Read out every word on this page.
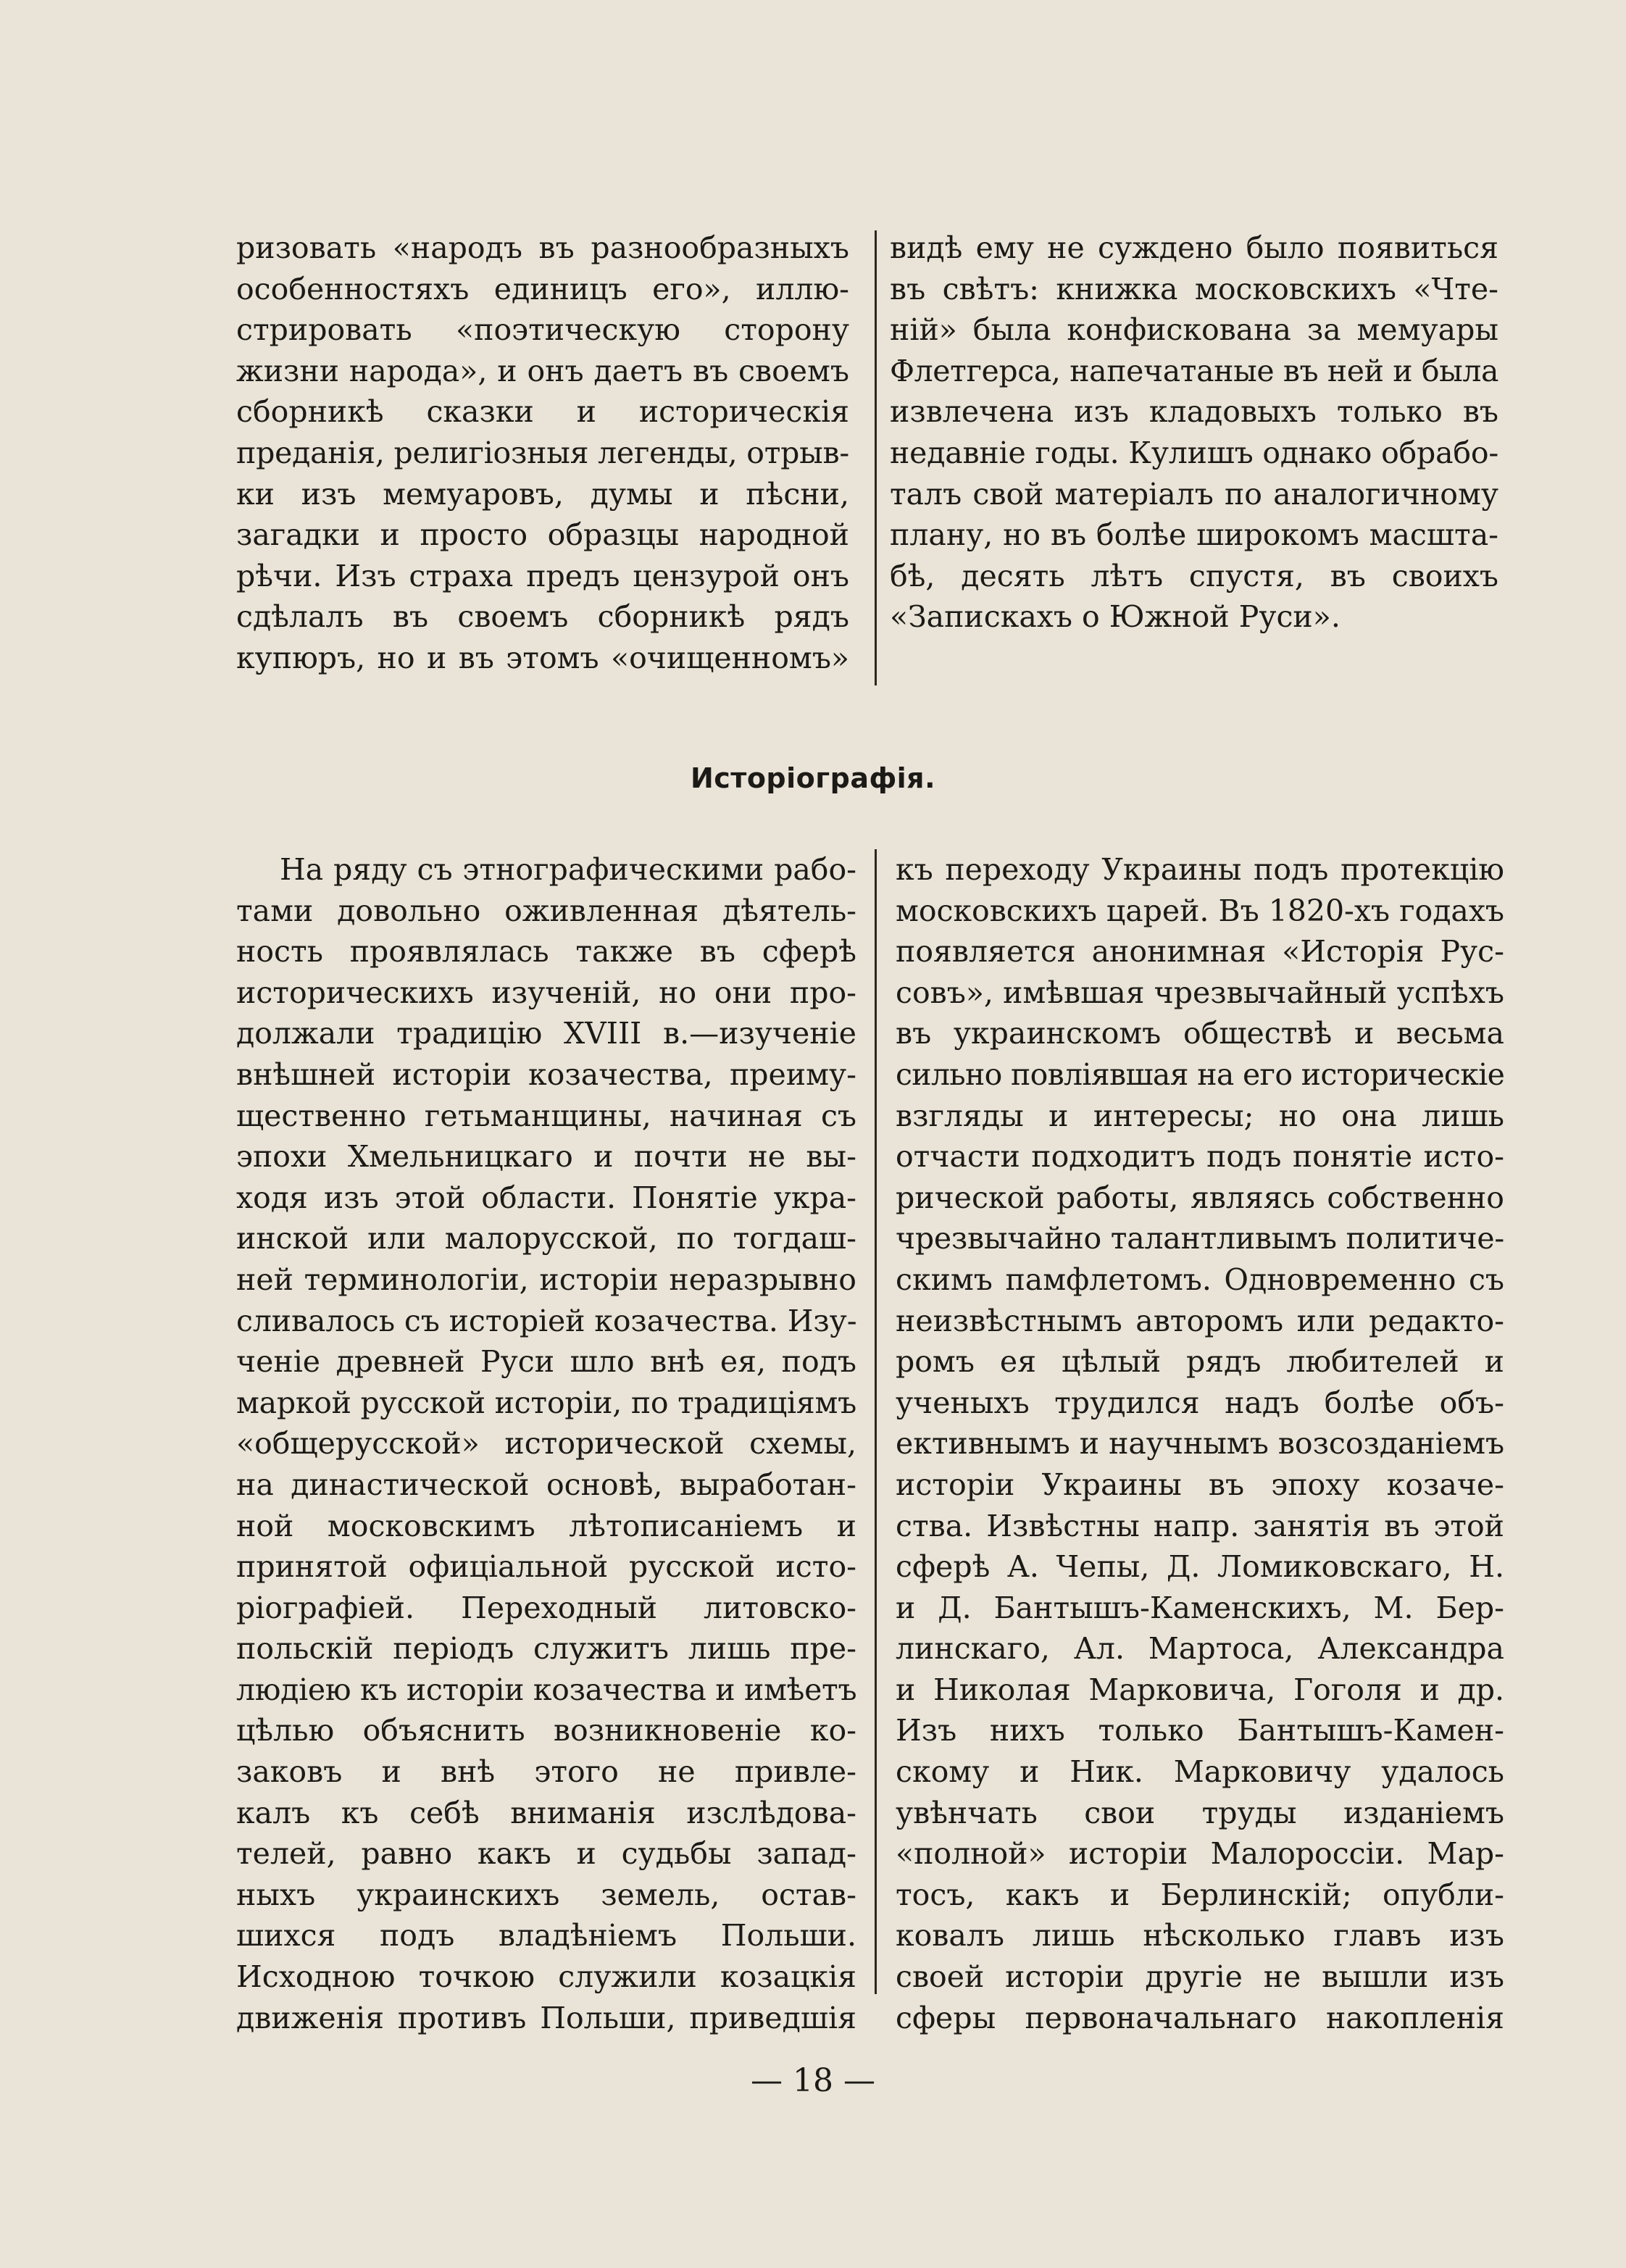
ризовать «народъ въ разнообразныхъ
особенностяхъ единицъ его», иллю-
стрировать «поэтическую сторону
жизни народа», и онъ даетъ въ своемъ
сборникѣ сказки и историческія
преданія, религіозныя легенды, отрыв-
ки изъ мемуаровъ, думы и пѣсни,
загадки и просто образцы народной
рѣчи. Изъ страха предъ цензурой онъ
сдѣлалъ въ своемъ сборникѣ рядъ
купюръ, но и въ этомъ «очищенномъ»
видѣ ему не суждено было появиться
въ свѣтъ: книжка московскихъ «Чте-
ній» была конфискована за мемуары
Флетгерса, напечатаные въ ней и была
извлечена изъ кладовыхъ только въ
недавніе годы. Кулишъ однако обрабо-
талъ свой матеріалъ по аналогичному
плану, но въ болѣе широкомъ масшта-
бѣ, десять лѣтъ спустя, въ своихъ
«Запискахъ о Южной Руси».
Исторіографія.
На ряду съ этнографическими рабо-
тами довольно оживленная дѣятель-
ность проявлялась также въ сферѣ
историческихъ изученій, но они про-
должали традицію XVIII в.—изученіе
внѣшней исторіи козачества, преиму-
щественно гетьманщины, начиная съ
эпохи Хмельницкаго и почти не вы-
ходя изъ этой области. Понятіе укра-
инской или малорусской, по тогдаш-
ней терминологіи, исторіи неразрывно
сливалось съ исторіей козачества. Изу-
ченіе древней Руси шло внѣ ея, подъ
маркой русской исторіи, по традиціямъ
«общерусской» исторической схемы,
на династической основѣ, выработан-
ной московскимъ лѣтописаніемъ и
принятой офиціальной русской исто-
ріографіей. Переходный литовско-
польскій періодъ служитъ лишь пре-
людіею къ исторіи козачества и имѣетъ
цѣлью объяснить возникновеніе ко-
заковъ и внѣ этого не привле-
калъ къ себѣ вниманія изслѣдова-
телей, равно какъ и судьбы запад-
ныхъ украинскихъ земель, остав-
шихся подъ владѣніемъ Польши.
Исходною точкою служили козацкія
движенія противъ Польши, приведшія
къ переходу Украины подъ протекцію
московскихъ царей. Въ 1820-хъ годахъ
появляется анонимная «Исторія Рус-
совъ», имѣвшая чрезвычайный успѣхъ
въ украинскомъ обществѣ и весьма
сильно повліявшая на его историческіе
взгляды и интересы; но она лишь
отчасти подходитъ подъ понятіе исто-
рической работы, являясь собственно
чрезвычайно талантливымъ политиче-
скимъ памфлетомъ. Одновременно съ
неизвѣстнымъ авторомъ или редакто-
ромъ ея цѣлый рядъ любителей и
ученыхъ трудился надъ болѣе объ-
ективнымъ и научнымъ возсозданіемъ
исторіи Украины въ эпоху козаче-
ства. Извѣстны напр. занятія въ этой
сферѣ А. Чепы, Д. Ломиковскаго, Н.
и Д. Бантышъ-Каменскихъ, М. Бер-
линскаго, Ал. Мартоса, Александра
и Николая Марковича, Гоголя и др.
Изъ нихъ только Бантышъ-Камен-
скому и Ник. Марковичу удалось
увѣнчать свои труды изданіемъ
«полной» исторіи Малороссіи. Мар-
тосъ, какъ и Берлинскій; опубли-
ковалъ лишь нѣсколько главъ изъ
своей исторіи другіе не вышли изъ
сферы первоначальнаго накопленія
— 18 —
